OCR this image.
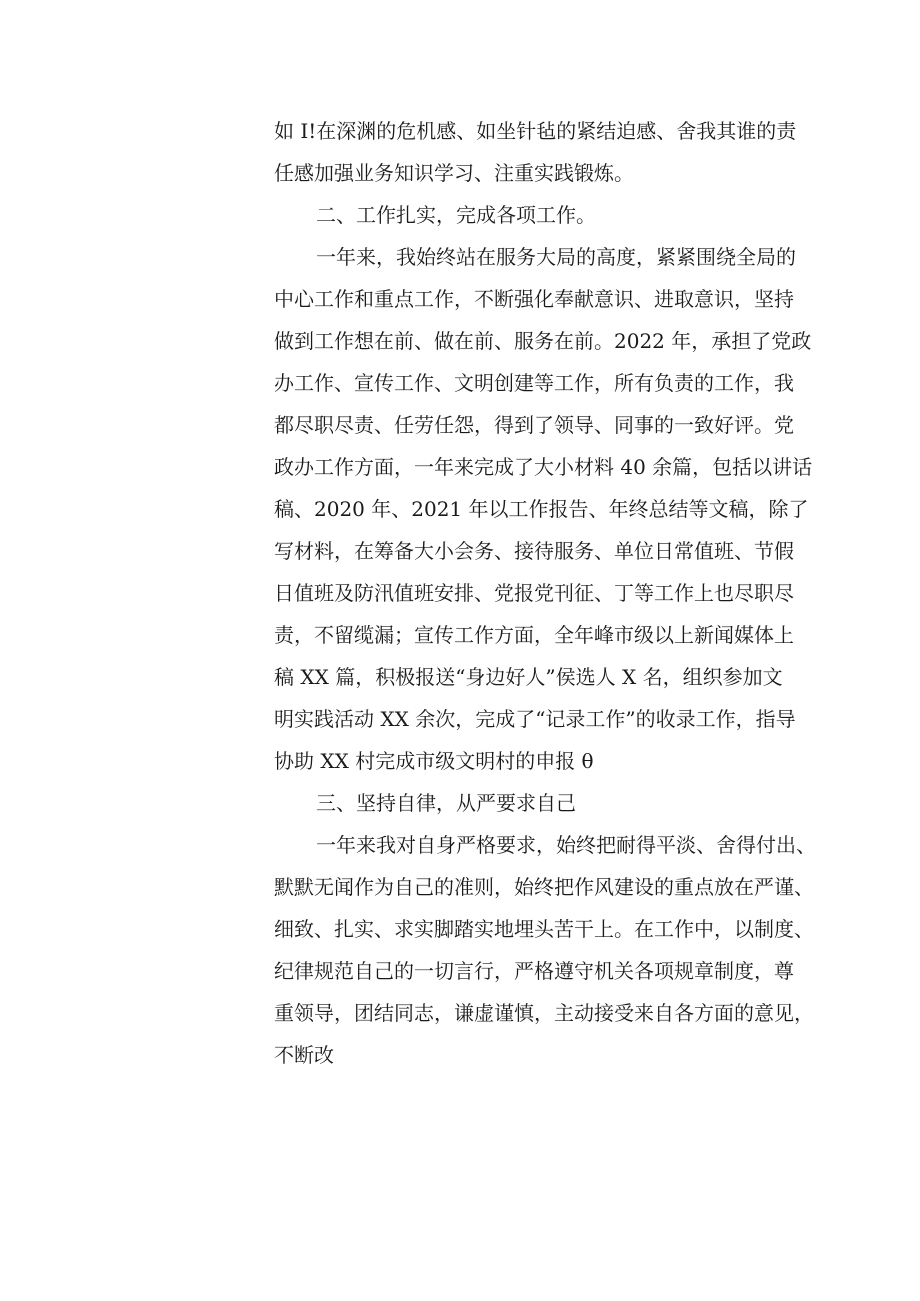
如 I!在深渊的危机感、如坐针毡的紧结迫感、舍我其谁的责
任感加强业务知识学习、注重实践锻炼。
二、工作扎实，完成各项工作。
一年来，我始终站在服务大局的高度，紧紧围绕全局的
中心工作和重点工作，不断强化奉献意识、进取意识，坚持
做到工作想在前、做在前、服务在前。2022 年，承担了党政
办工作、宣传工作、文明创建等工作，所有负责的工作，我
都尽职尽责、任劳任怨，得到了领导、同事的一致好评。党
政办工作方面，一年来完成了大小材料 40 余篇，包括以讲话
稿、2020 年、2021 年以工作报告、年终总结等文稿，除了
写材料，在筹备大小会务、接待服务、单位日常值班、节假
日值班及防汛值班安排、党报党刊征、丁等工作上也尽职尽
责，不留缆漏；宣传工作方面，全年峰市级以上新闻媒体上
稿 XX 篇，积极报送“身边好人”侯选人 X 名，组织参加文
明实践活动 XX 余次，完成了“记录工作”的收录工作，指导
协助 XX 村完成市级文明村的申报 θ
三、坚持自律，从严要求自己
一年来我对自身严格要求，始终把耐得平淡、舍得付出、
默默无闻作为自己的准则，始终把作风建设的重点放在严谨、
细致、扎实、求实脚踏实地埋头苦干上。在工作中，以制度、
纪律规范自己的一切言行，严格遵守机关各项规章制度，尊
重领导，团结同志，谦虚谨慎，主动接受来自各方面的意见，
不断改
